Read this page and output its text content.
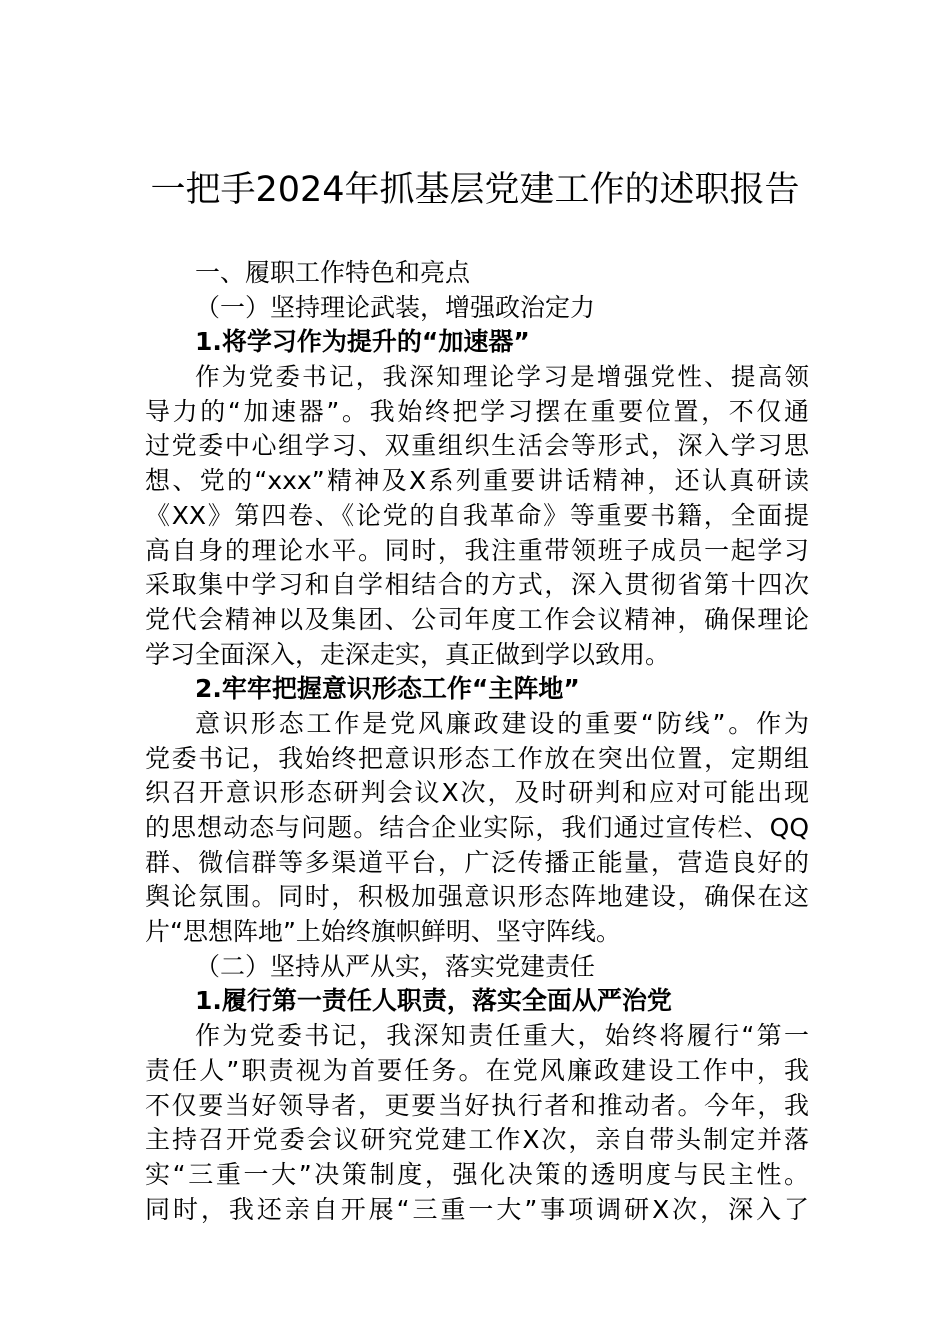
一把手2024年抓基层党建工作的述职报告
一、履职工作特色和亮点
（一）坚持理论武装，增强政治定力
1.将学习作为提升的“加速器”
作为党委书记，我深知理论学习是增强党性、提高领
导力的“加速器”。我始终把学习摆在重要位置，不仅通
过党委中心组学习、双重组织生活会等形式，深入学习思
想、党的“xxx”精神及X系列重要讲话精神，还认真研读
《XX》第四卷、《论党的自我革命》等重要书籍，全面提
高自身的理论水平。同时，我注重带领班子成员一起学习
采取集中学习和自学相结合的方式，深入贯彻省第十四次
党代会精神以及集团、公司年度工作会议精神，确保理论
学习全面深入，走深走实，真正做到学以致用。
2.牢牢把握意识形态工作“主阵地”
意识形态工作是党风廉政建设的重要“防线”。作为
党委书记，我始终把意识形态工作放在突出位置，定期组
织召开意识形态研判会议X次，及时研判和应对可能出现
的思想动态与问题。结合企业实际，我们通过宣传栏、QQ
群、微信群等多渠道平台，广泛传播正能量，营造良好的
舆论氛围。同时，积极加强意识形态阵地建设，确保在这
片“思想阵地”上始终旗帜鲜明、坚守阵线。
（二）坚持从严从实，落实党建责任
1.履行第一责任人职责，落实全面从严治党
作为党委书记，我深知责任重大，始终将履行“第一
责任人”职责视为首要任务。在党风廉政建设工作中，我
不仅要当好领导者，更要当好执行者和推动者。今年，我
主持召开党委会议研究党建工作X次，亲自带头制定并落
实“三重一大”决策制度，强化决策的透明度与民主性。
同时，我还亲自开展“三重一大”事项调研X次，深入了
